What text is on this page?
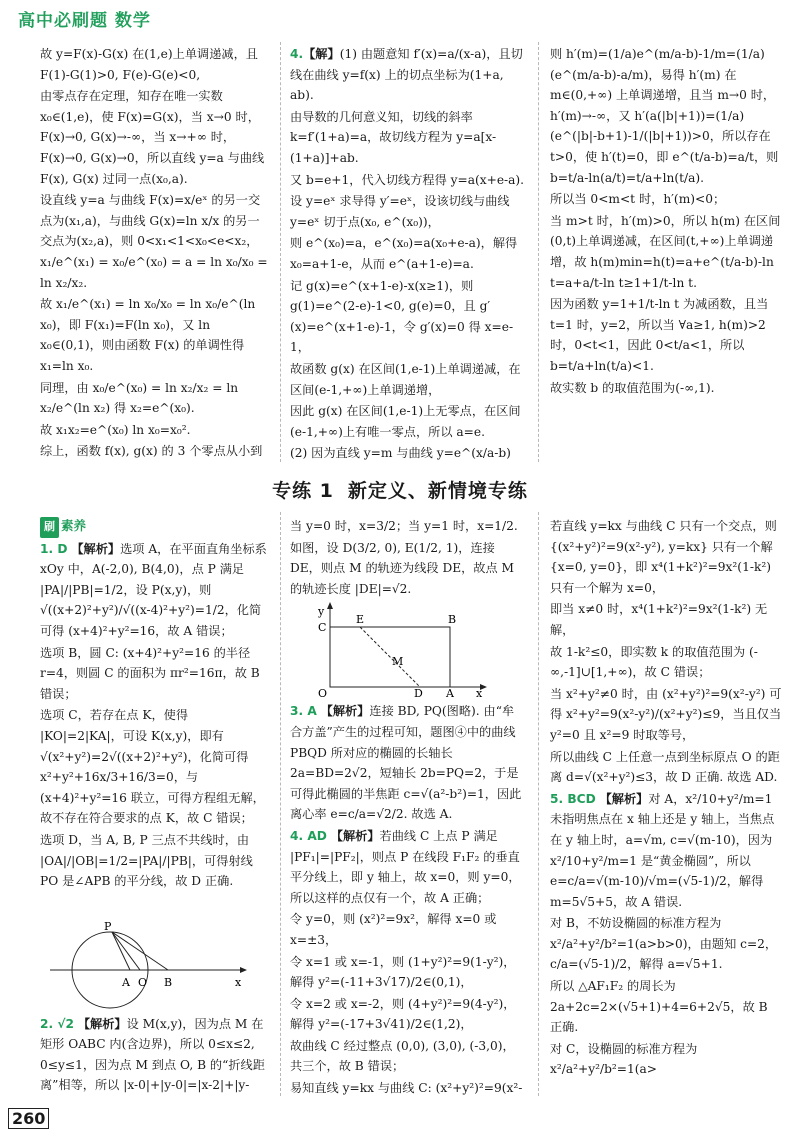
高中必刷题 数学

故 y=F(x)-G(x) 在(1,e)上单调递减，且 F(1)-G(1)>0, F(e)-G(e)<0,

由零点存在定理，知存在唯一实数 x₀∈(1,e)，使 F(x)=G(x)，当 x→0 时，F(x)→0, G(x)→-∞，当 x→+∞ 时，F(x)→0, G(x)→0，所以直线 y=a 与曲线 F(x), G(x) 过同一点(x₀,a).

设直线 y=a 与曲线 F(x)=x/eˣ 的另一交点为(x₁,a)，与曲线 G(x)=ln x/x 的另一交点为(x₂,a)，则 0<x₁<1<x₀<e<x₂，x₁/e^(x₁) = x₀/e^(x₀) = a = ln x₀/x₀ = ln x₂/x₂.

故 x₁/e^(x₁) = ln x₀/x₀ = ln x₀/e^(ln x₀)，即 F(x₁)=F(ln x₀)，又 ln x₀∈(0,1)，则由函数 F(x) 的单调性得 x₁=ln x₀.

同理，由 x₀/e^(x₀) = ln x₂/x₂ = ln x₂/e^(ln x₂) 得 x₂=e^(x₀).

故 x₁x₂=e^(x₀) ln x₀=x₀².

综上，函数 f(x), g(x) 的 3 个零点从小到

4.【解】(1) 由题意知 f′(x)=a/(x-a)，且切线在曲线 y=f(x) 上的切点坐标为(1+a, ab).

由导数的几何意义知，切线的斜率 k=f′(1+a)=a，故切线方程为 y=a[x-(1+a)]+ab.

又 b=e+1，代入切线方程得 y=a(x+e-a).

设 y=eˣ 求导得 y′=eˣ，设该切线与曲线 y=eˣ 切于点(x₀, e^(x₀))，

则 e^(x₀)=a，e^(x₀)=a(x₀+e-a)，解得 x₀=a+1-e，从而 e^(a+1-e)=a.

记 g(x)=e^(x+1-e)-x(x≥1)，则 g(1)=e^(2-e)-1<0, g(e)=0，且 g′(x)=e^(x+1-e)-1，令 g′(x)=0 得 x=e-1，

故函数 g(x) 在区间(1,e-1)上单调递减，在区间(e-1,+∞)上单调递增，

因此 g(x) 在区间(1,e-1)上无零点，在区间(e-1,+∞)上有唯一零点，所以 a=e.

(2) 因为直线 y=m 与曲线 y=e^(x/a-b)

则 h′(m)=(1/a)e^(m/a-b)-1/m=(1/a)(e^(m/a-b)-a/m)，易得 h′(m) 在 m∈(0,+∞) 上单调递增，且当 m→0 时，h′(m)→-∞，又 h′(a(|b|+1))=(1/a)(e^(|b|-b+1)-1/(|b|+1))>0，所以存在 t>0，使 h′(t)=0，即 e^(t/a-b)=a/t，则 b=t/a-ln(a/t)=t/a+ln(t/a).

所以当 0<m<t 时，h′(m)<0；

当 m>t 时，h′(m)>0，所以 h(m) 在区间(0,t)上单调递减，在区间(t,+∞)上单调递增，故 h(m)min=h(t)=a+e^(t/a-b)-ln t=a+a/t-ln t≥1+1/t-ln t.

因为函数 y=1+1/t-ln t 为减函数，且当 t=1 时，y=2，所以当 ∀a≥1, h(m)>2 时，0<t<1，因此 0<t/a<1，所以 b=t/a+ln(t/a)<1.

故实数 b 的取值范围为(-∞,1).

专练 1 新定义、新情境专练

刷 素养

1. D 【解析】选项 A，在平面直角坐标系 xOy 中，A(-2,0), B(4,0)，点 P 满足 |PA|/|PB|=1/2，设 P(x,y)，则 √((x+2)²+y²)/√((x-4)²+y²)=1/2，化简可得 (x+4)²+y²=16，故 A 错误；

选项 B，圆 C: (x+4)²+y²=16 的半径 r=4，则圆 C 的面积为 πr²=16π，故 B 错误；

选项 C，若存在点 K，使得 |KO|=2|KA|，可设 K(x,y)，即有 √(x²+y²)=2√((x+2)²+y²)，化简可得 x²+y²+16x/3+16/3=0，与 (x+4)²+y²=16 联立，可得方程组无解，故不存在符合要求的点 K，故 C 错误；

选项 D，当 A, B, P 三点不共线时，由 |OA|/|OB|=1/2=|PA|/|PB|，可得射线 PO 是∠APB 的平分线，故 D 正确.

P
A O B	x

2. √2 【解析】设 M(x,y)，因为点 M 在矩形 OABC 内(含边界)，所以 0≤x≤2, 0≤y≤1，因为点 M 到点 O, B 的“折线距离”相等，所以 |x-0|+|y-0|=|x-2|+|y-

当 y=0 时，x=3/2；当 y=1 时，x=1/2.

如图，设 D(3/2, 0), E(1/2, 1)，连接 DE，则点 M 的轨迹为线段 DE，故点 M 的轨迹长度 |DE|=√2.

y
C
E	B
M
O	D A x

3. A 【解析】连接 BD, PQ(图略). 由“牟合方盖”产生的过程可知，题图④中的曲线 PBQD 所对应的椭圆的长轴长 2a=BD=2√2，短轴长 2b=PQ=2，于是可得此椭圆的半焦距 c=√(a²-b²)=1，因此离心率 e=c/a=√2/2. 故选 A.

4. AD 【解析】若曲线 C 上点 P 满足 |PF₁|=|PF₂|，则点 P 在线段 F₁F₂ 的垂直平分线上，即 y 轴上，故 x=0，则 y=0，所以这样的点仅有一个，故 A 正确；

令 y=0，则 (x²)²=9x²，解得 x=0 或 x=±3，

令 x=1 或 x=-1，则 (1+y²)²=9(1-y²)，解得 y²=(-11+3√17)/2∈(0,1)，

令 x=2 或 x=-2，则 (4+y²)²=9(4-y²)，解得 y²=(-17+3√41)/2∈(1,2)，

故曲线 C 经过整点 (0,0), (3,0), (-3,0)，共三个，故 B 错误；

易知直线 y=kx 与曲线 C: (x²+y²)²=9(x²-

若直线 y=kx 与曲线 C 只有一个交点，则 {(x²+y²)²=9(x²-y²), y=kx} 只有一个解 {x=0, y=0}，即 x⁴(1+k²)²=9x²(1-k²) 只有一个解为 x=0，

即当 x≠0 时，x⁴(1+k²)²=9x²(1-k²) 无解，

故 1-k²≤0，即实数 k 的取值范围为 (-∞,-1]∪[1,+∞)，故 C 错误；

当 x²+y²≠0 时，由 (x²+y²)²=9(x²-y²) 可得 x²+y²=9(x²-y²)/(x²+y²)≤9，当且仅当 y²=0 且 x²=9 时取等号，

所以曲线 C 上任意一点到坐标原点 O 的距离 d=√(x²+y²)≤3，故 D 正确. 故选 AD.

5. BCD 【解析】对 A，x²/10+y²/m=1 未指明焦点在 x 轴上还是 y 轴上，当焦点在 y 轴上时，a=√m, c=√(m-10)，因为 x²/10+y²/m=1 是“黄金椭圆”，所以 e=c/a=√(m-10)/√m=(√5-1)/2，解得 m=5√5+5，故 A 错误.

对 B，不妨设椭圆的标准方程为 x²/a²+y²/b²=1(a>b>0)，由题知 c=2，c/a=(√5-1)/2，解得 a=√5+1.

所以 △AF₁F₂ 的周长为 2a+2c=2×(√5+1)+4=6+2√5，故 B 正确.

对 C，设椭圆的标准方程为 x²/a²+y²/b²=1(a>

260
